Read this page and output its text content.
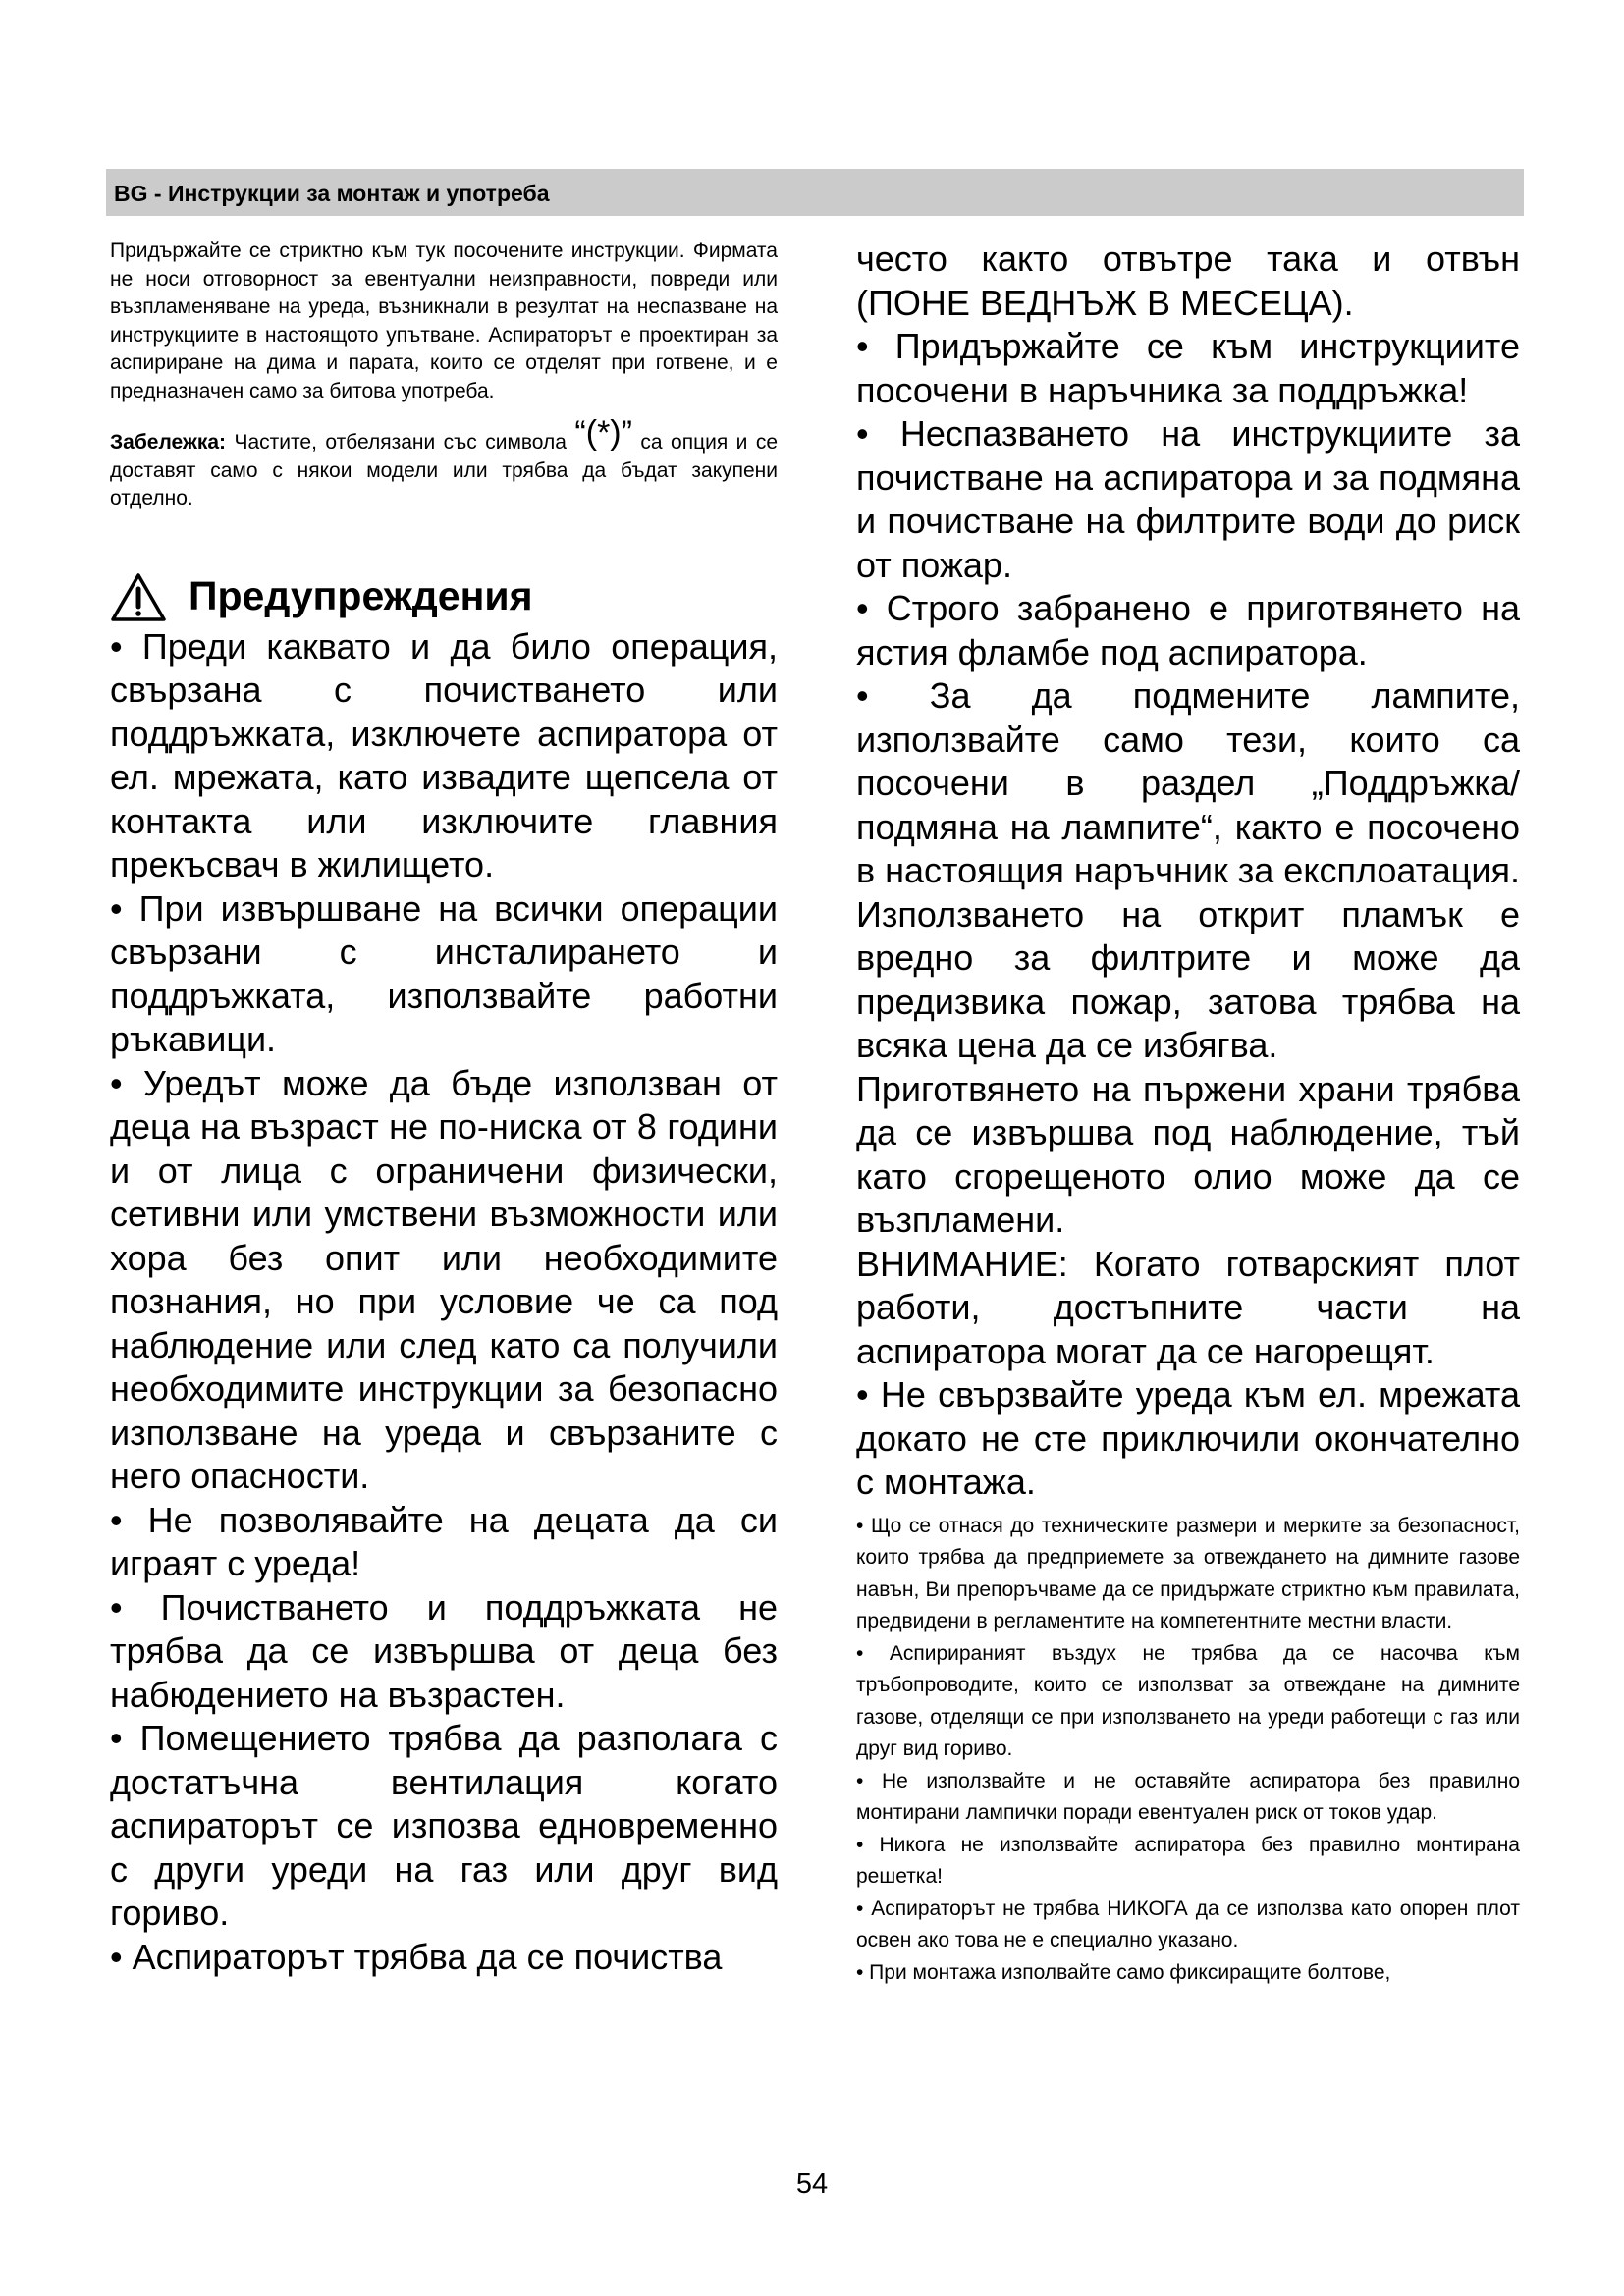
BG - Инструкции за монтаж и употреба

Придържайте се стриктно към тук посочените инструкции. Фирмата не носи отговорност за евентуални неизправности, повреди или възпламеняване на уреда, възникнали в резултат на неспазване на инструкциите в настоящото упътване. Аспираторът е проектиран за аспириране на дима и парата, които се отделят при готвене, и е предназначен само за битова употреба.

Забележка: Частите, отбелязани със символа “(*)” са опция и се доставят само с някои модели или трябва да бъдат закупени отделно.

Предупреждения

• Преди каквато и да било операция, свързана с почистването или поддръжката, изключете аспиратора от ел. мрежата, като извадите щепсела от контакта или изключите главния прекъсвач в жилището.

• При извършване на всички операции свързани с инсталирането и поддръжката, използвайте работни ръкавици.

• Уредът може да бъде използван от деца на възраст не по-ниска от 8 години и от лица с ограничени физически, сетивни или умствени възможности или хора без опит или необходимите познания, но при условие че са под наблюдение или след като са получили необходимите инструкции за безопасно използване на уреда и свързаните с него опасности.

• Не позволявайте на децата да си играят с уреда!

• Почистването и поддръжката не трябва да се извършва от деца без набюдението на възрастен.

• Помещението трябва да разполага с достатъчна вентилация когато аспираторът се изпозва едновременно с други уреди на газ или друг вид гориво.

• Аспираторът трябва да се почиства

често както отвътре така и отвън (ПОНЕ ВЕДНЪЖ В МЕСЕЦА).

• Придържайте се към инструкциите посочени в наръчника за поддръжка!

• Неспазването на инструкциите за почистване на аспиратора и за подмяна и почистване на филтрите води до риск от пожар.

• Строго забранено е приготвянето на ястия фламбе под аспиратора.

• За да подмените лампите, използвайте само тези, които са посочени в раздел „Поддръжка/подмяна на лампите“, както е посочено в настоящия наръчник за експлоатация.

Използването на открит пламък е вредно за филтрите и може да предизвика пожар, затова трябва на всяка цена да се избягва.

Приготвянето на пържени храни трябва да се извършва под наблюдение, тъй като сгорещеното олио може да се възпламени.

ВНИМАНИЕ: Когато готварският плот работи, достъпните части на аспиратора могат да се нагорещят.

• Не свързвайте уреда към ел. мрежата докато не сте приключили окончателно с монтажа.

• Що се отнася до техническите размери и мерките за безопасност, които трябва да предприемете за отвеждането на димните газове навън, Ви препоръчваме да се придържате стриктно към правилата, предвидени в регламентите на компетентните местни власти.

• Аспирираният въздух не трябва да се насочва към тръбопроводите, които се използват за отвеждане на димните газове, отделящи се при използването на уреди работещи с газ или друг вид гориво.

• Не използвайте и не оставяйте аспиратора без правилно монтирани лампички поради евентуален риск от токов удар.

• Никога не използвайте аспиратора без правилно монтирана решетка!

• Аспираторът не трябва НИКОГА да се използва като опорен плот освен ако това не е специално указано.

• При монтажа изполвайте само фиксиращите болтове,

54
